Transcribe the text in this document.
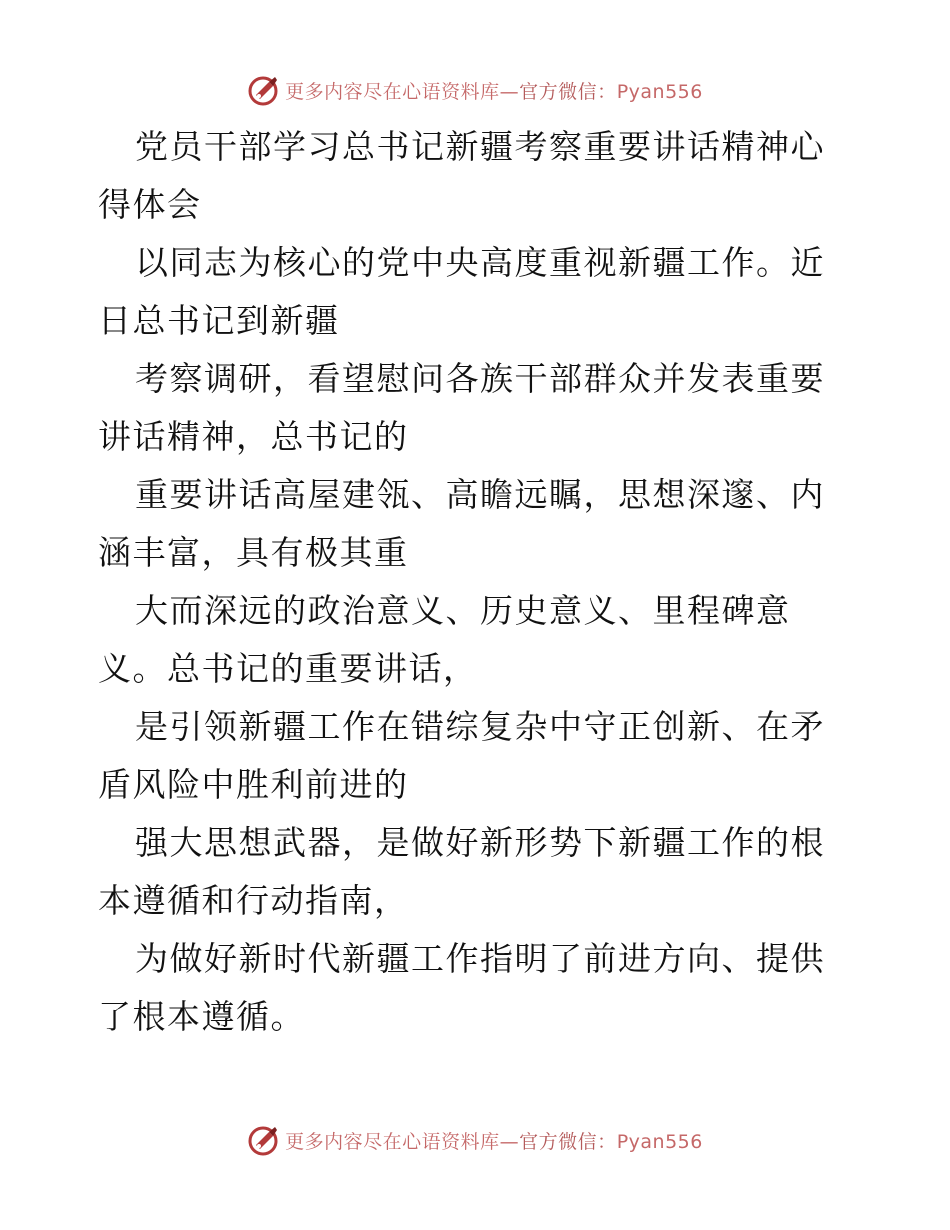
更多内容尽在心语资料库—官方微信：Pyan556

党员干部学习总书记新疆考察重要讲话精神心得体会

以同志为核心的党中央高度重视新疆工作。近日总书记到新疆

考察调研，看望慰问各族干部群众并发表重要讲话精神，总书记的

重要讲话高屋建瓴、高瞻远瞩，思想深邃、内涵丰富，具有极其重

大而深远的政治意义、历史意义、里程碑意义。总书记的重要讲话，

是引领新疆工作在错综复杂中守正创新、在矛盾风险中胜利前进的

强大思想武器，是做好新形势下新疆工作的根本遵循和行动指南，

为做好新时代新疆工作指明了前进方向、提供了根本遵循。

更多内容尽在心语资料库—官方微信：Pyan556
